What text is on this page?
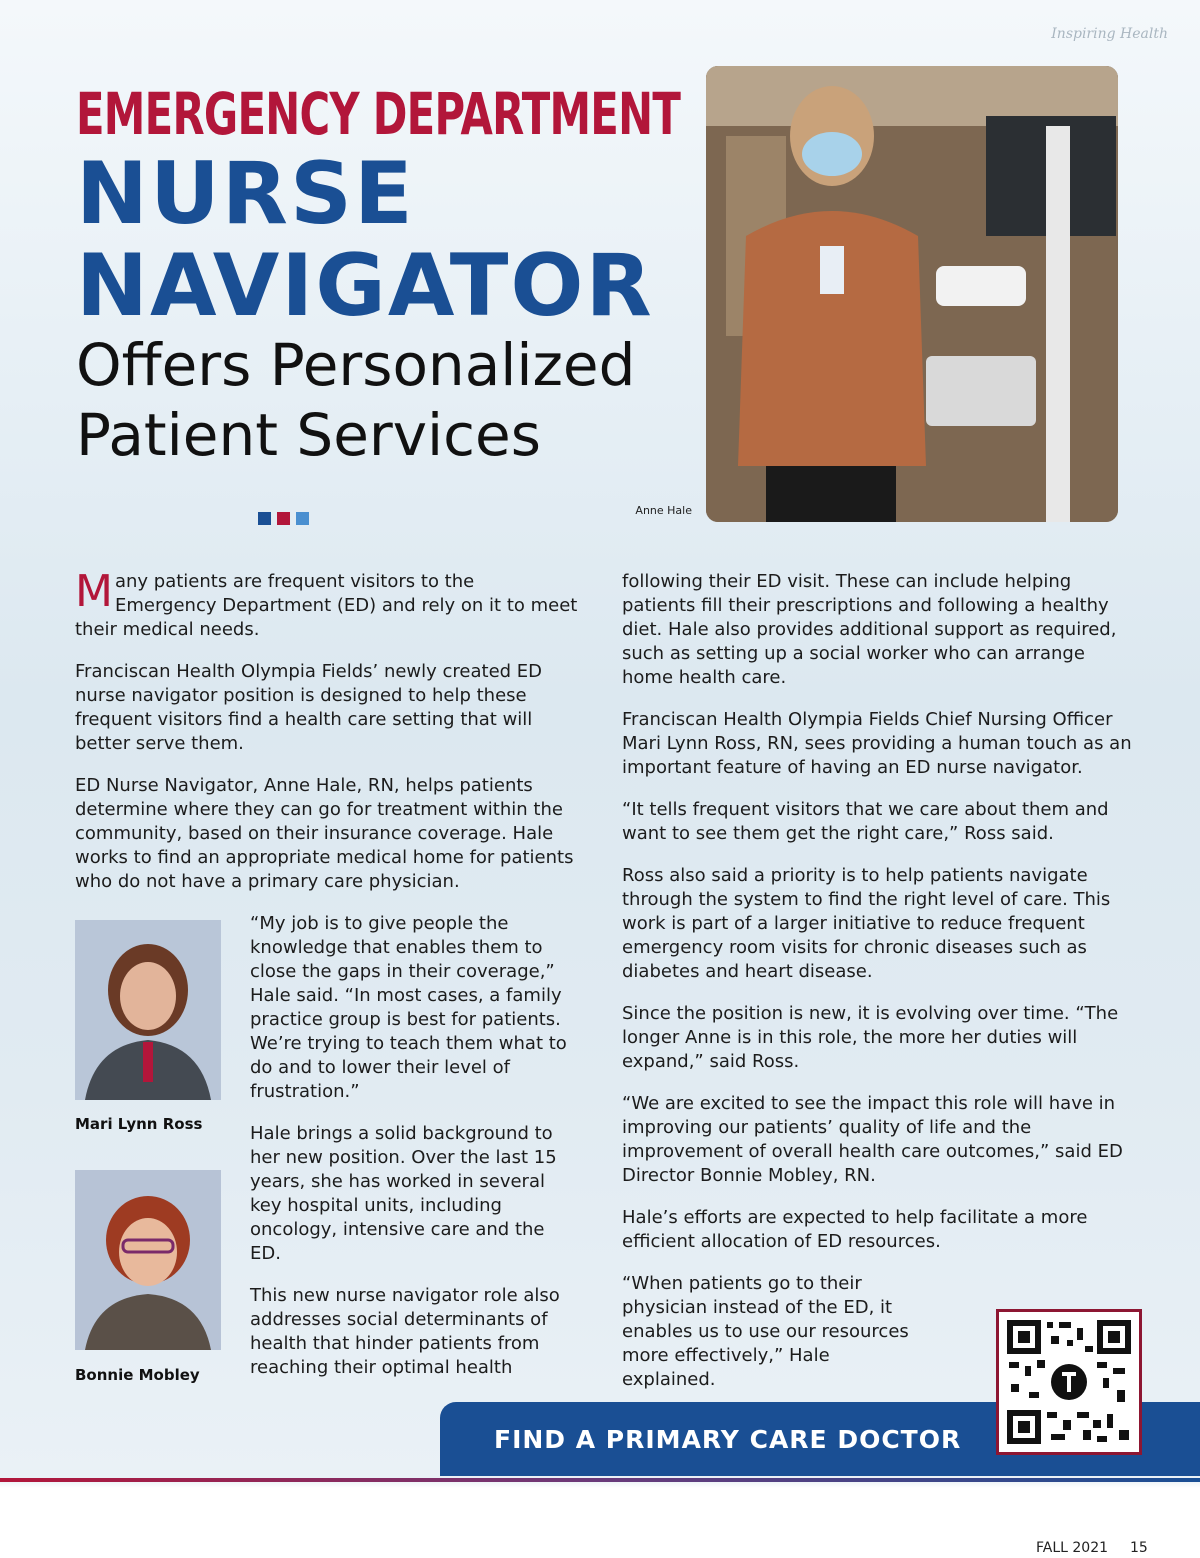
Inspiring Health
EMERGENCY DEPARTMENT
NURSE
NAVIGATOR
Offers Personalized
Patient Services
Anne Hale

Many patients are frequent visitors to the Emergency Department (ED) and rely on it to meet their medical needs.

Franciscan Health Olympia Fields’ newly created ED nurse navigator position is designed to help these frequent visitors find a health care setting that will better serve them.

ED Nurse Navigator, Anne Hale, RN, helps patients determine where they can go for treatment within the community, based on their insurance coverage. Hale works to find an appropriate medical home for patients who do not have a primary care physician.

“My job is to give people the knowledge that enables them to close the gaps in their coverage,” Hale said. “In most cases, a family practice group is best for patients. We’re trying to teach them what to do and to lower their level of frustration.”

Hale brings a solid background to her new position. Over the last 15 years, she has worked in several key hospital units, including oncology, intensive care and the ED.

This new nurse navigator role also addresses social determinants of health that hinder patients from reaching their optimal health

Mari Lynn Ross
Bonnie Mobley

following their ED visit. These can include helping patients fill their prescriptions and following a healthy diet. Hale also provides additional support as required, such as setting up a social worker who can arrange home health care.

Franciscan Health Olympia Fields Chief Nursing Officer Mari Lynn Ross, RN, sees providing a human touch as an important feature of having an ED nurse navigator.

“It tells frequent visitors that we care about them and want to see them get the right care,” Ross said.

Ross also said a priority is to help patients navigate through the system to find the right level of care. This work is part of a larger initiative to reduce frequent emergency room visits for chronic diseases such as diabetes and heart disease.

Since the position is new, it is evolving over time. “The longer Anne is in this role, the more her duties will expand,” said Ross.

“We are excited to see the impact this role will have in improving our patients’ quality of life and the improvement of overall health care outcomes,” said ED Director Bonnie Mobley, RN.

Hale’s efforts are expected to help facilitate a more efficient allocation of ED resources.

“When patients go to their physician instead of the ED, it enables us to use our resources more effectively,” Hale explained.

FIND A PRIMARY CARE DOCTOR
FALL 2021 15
